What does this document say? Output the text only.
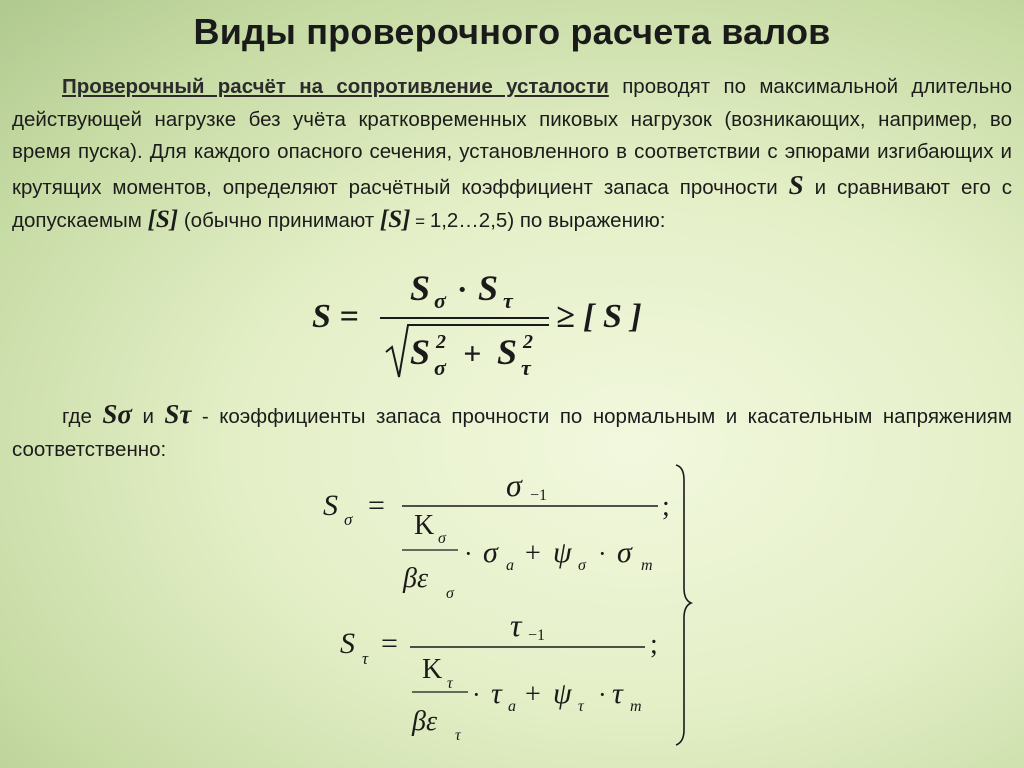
Виды проверочного расчета валов

Проверочный расчёт на сопротивление усталости проводят по максимальной длительно действующей нагрузке без учёта кратковременных пиковых нагрузок (возникающих, например, во время пуска). Для каждого опасного сечения, установленного в соответствии с эпюрами изгибающих и крутящих моментов, определяют расчётный коэффициент запаса прочности S и сравнивают его с допускаемым [S] (обычно принимают [S] = 1,2…2,5) по выражению:

S =
S σ · S τ
S 2
σ + S 2
τ
≥ [ S ]

где Sσ и Sτ - коэффициенты запаса прочности по нормальным и касательным напряжениям соответственно:

S σ =
σ −1
K σ
βε σ
· σ a + ψ σ · σ m
;
S τ =
τ −1
K τ
βε τ
· τ a + ψ τ · τ m
;
